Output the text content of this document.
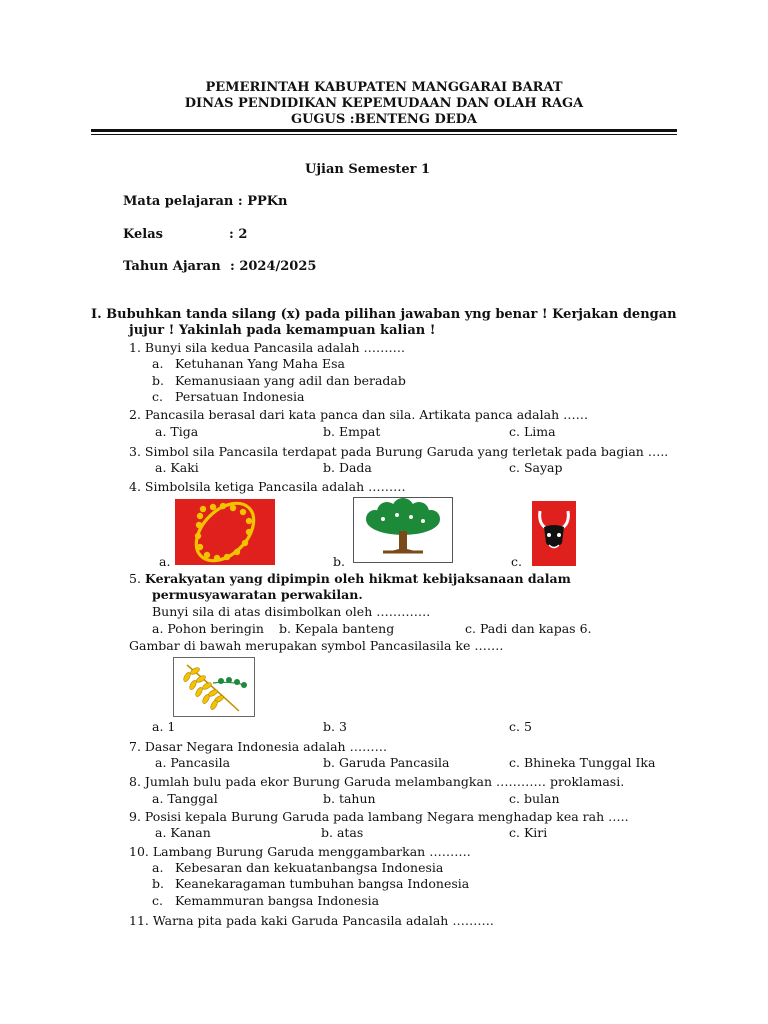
PEMERINTAH KABUPATEN MANGGARAI BARAT
DINAS PENDIDIKAN KEPEMUDAAN DAN OLAH RAGA
GUGUS :BENTENG DEDA
Ujian Semester 1
Mata pelajaran : PPKn
Kelas	: 2
Tahun Ajaran : 2024/2025
I. Bubuhkan tanda silang (x) pada pilihan jawaban yng benar ! Kerjakan dengan
jujur ! Yakinlah pada kemampuan kalian !
1. Bunyi sila kedua Pancasila adalah ……….
a. Ketuhanan Yang Maha Esa
b. Kemanusiaan yang adil dan beradab
c. Persatuan Indonesia
2. Pancasila berasal dari kata panca dan sila. Artikata panca adalah ……
a. Tiga	b. Empat	c. Lima
3. Simbol sila Pancasila terdapat pada Burung Garuda yang terletak pada bagian …..
a. Kaki	b. Dada	c. Sayap
4. Simbolsila ketiga Pancasila adalah ………
a.	b.	c.
5. Kerakyatan yang dipimpin oleh hikmat kebijaksanaan dalam
permusyawaratan perwakilan.
Bunyi sila di atas disimbolkan oleh ………….
a. Pohon beringin b. Kepala banteng	c. Padi dan kapas 6.
Gambar di bawah merupakan symbol Pancasilasila ke …….
a. 1	b. 3	c. 5
7. Dasar Negara Indonesia adalah ………
a. Pancasila	b. Garuda Pancasila	c. Bhineka Tunggal Ika
8. Jumlah bulu pada ekor Burung Garuda melambangkan ………… proklamasi.
a. Tanggal	b. tahun	c. bulan
9. Posisi kepala Burung Garuda pada lambang Negara menghadap kea rah …..
a. Kanan	b. atas	c. Kiri
10. Lambang Burung Garuda menggambarkan ……….
a. Kebesaran dan kekuatanbangsa Indonesia
b. Keanekaragaman tumbuhan bangsa Indonesia
c. Kemammuran bangsa Indonesia
11. Warna pita pada kaki Garuda Pancasila adalah ……….
